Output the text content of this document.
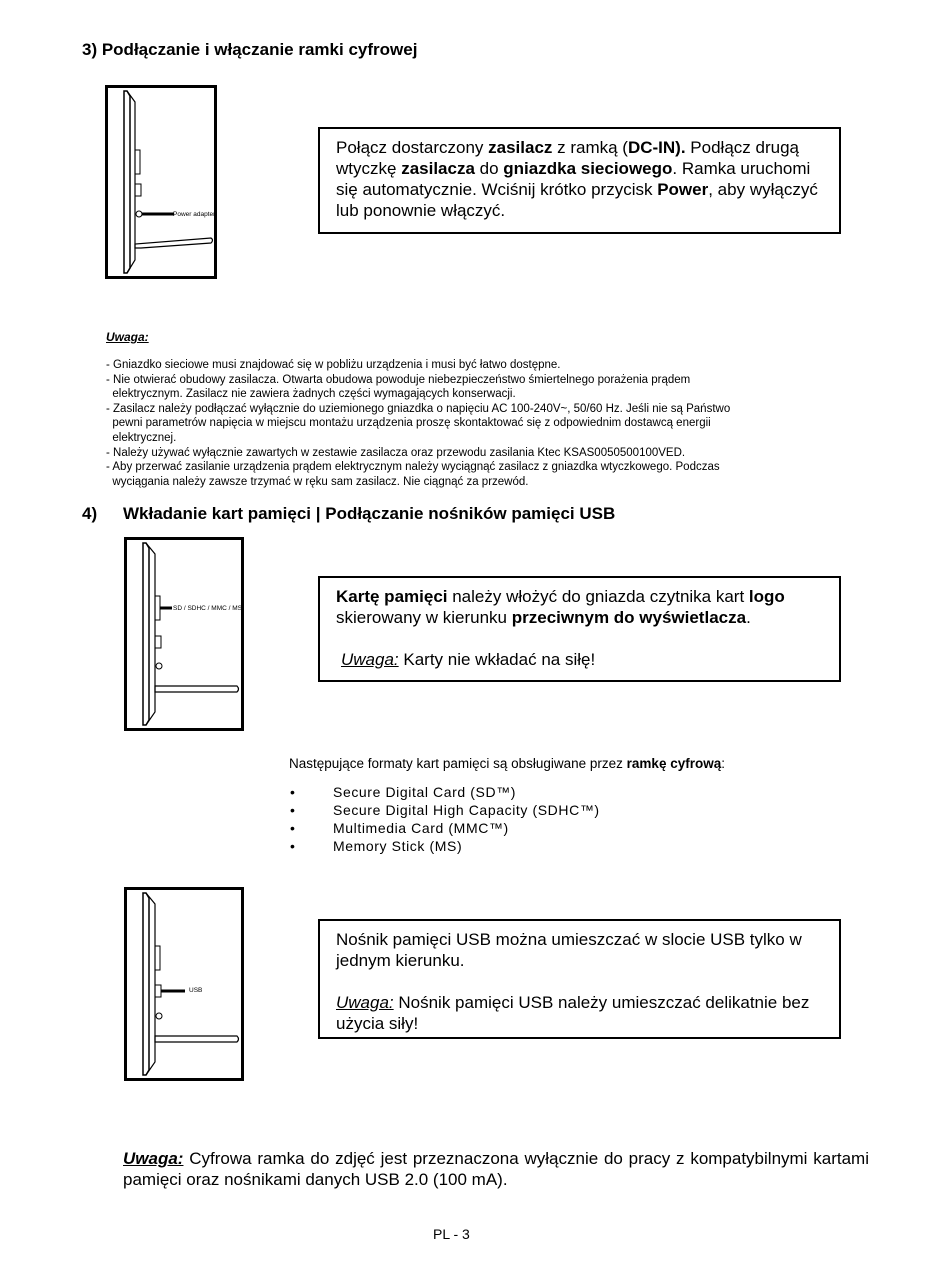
3) Podłączanie i włączanie ramki cyfrowej
Power adapter

Połącz dostarczony zasilacz z ramką (DC-IN). Podłącz drugą wtyczkę zasilacza do gniazdka sieciowego. Ramka uruchomi się automatycznie. Wciśnij krótko przycisk Power, aby wyłączyć lub ponownie włączyć.

Uwaga:
- Gniazdko sieciowe musi znajdować się w pobliżu urządzenia i musi być łatwo dostępne.
- Nie otwierać obudowy zasilacza. Otwarta obudowa powoduje niebezpieczeństwo śmiertelnego porażenia prądem
elektrycznym. Zasilacz nie zawiera żadnych części wymagających konserwacji.
- Zasilacz należy podłączać wyłącznie do uziemionego gniazdka o napięciu AC 100-240V~, 50/60 Hz. Jeśli nie są Państwo
pewni parametrów napięcia w miejscu montażu urządzenia proszę skontaktować się z odpowiednim dostawcą energii
elektrycznej.
- Należy używać wyłącznie zawartych w zestawie zasilacza oraz przewodu zasilania Ktec KSAS0050500100VED.
- Aby przerwać zasilanie urządzenia prądem elektrycznym należy wyciągnąć zasilacz z gniazdka wtyczkowego. Podczas
wyciągania należy zawsze trzymać w ręku sam zasilacz. Nie ciągnąć za przewód.
4) Wkładanie kart pamięci | Podłączanie nośników pamięci USB
SD / SDHC / MMC / MS

Kartę pamięci należy włożyć do gniazda czytnika kart logo skierowany w kierunku przeciwnym do wyświetlacza.

Uwaga: Karty nie wkładać na siłę!

Następujące formaty kart pamięci są obsługiwane przez ramkę cyfrową:
•	Secure Digital Card (SD™)
•	Secure Digital High Capacity (SDHC™)
•	Multimedia Card (MMC™)
•	Memory Stick (MS)
USB

Nośnik pamięci USB można umieszczać w slocie USB tylko w jednym kierunku.

Uwaga: Nośnik pamięci USB należy umieszczać delikatnie bez użycia siły!

Uwaga: Cyfrowa ramka do zdjęć jest przeznaczona wyłącznie do pracy z kompatybilnymi kartami pamięci oraz nośnikami danych USB 2.0 (100 mA).
PL - 3
